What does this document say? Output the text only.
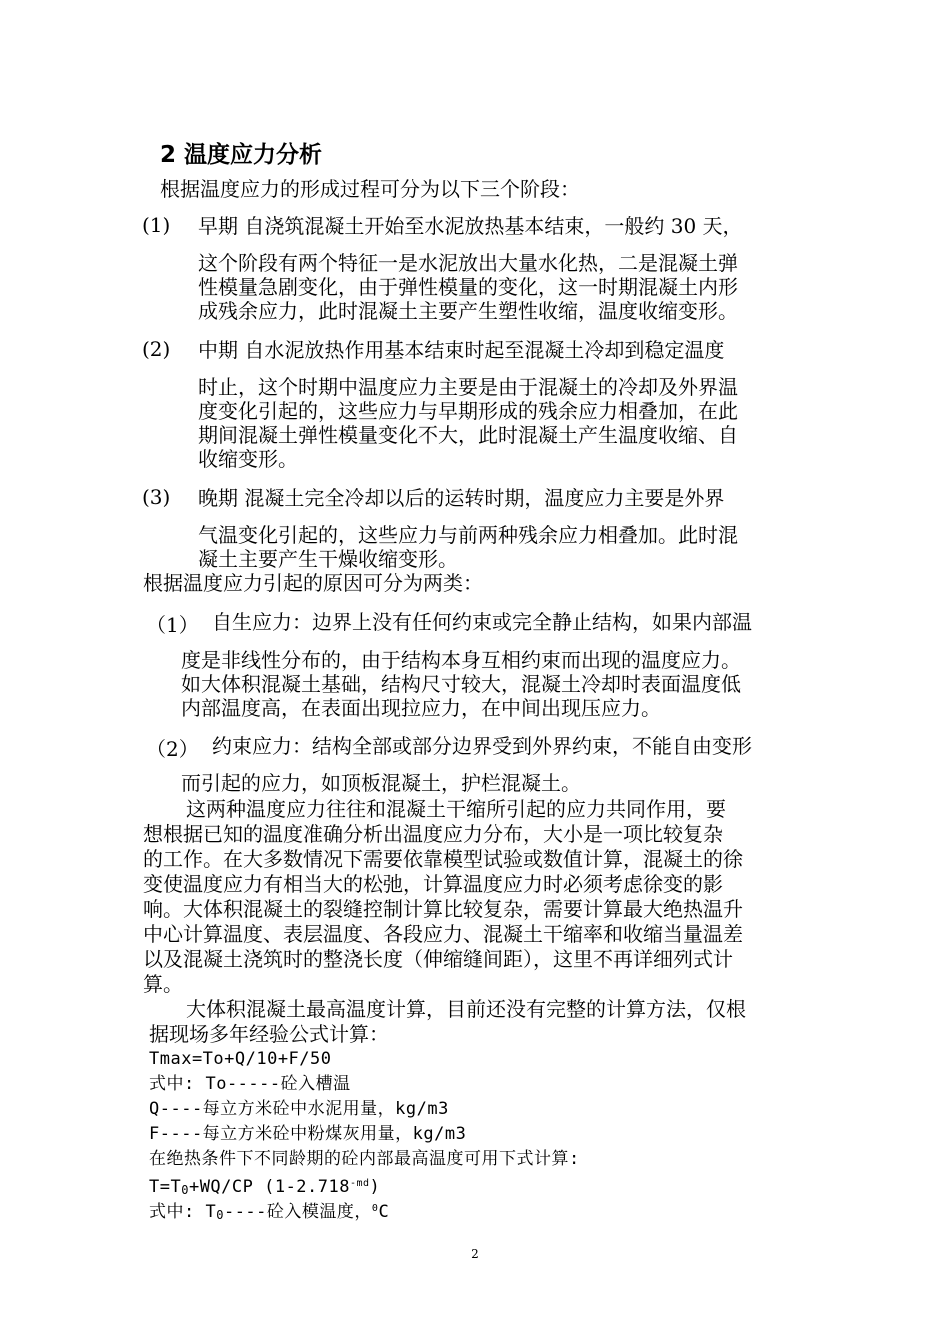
2 温度应力分析
根据温度应力的形成过程可分为以下三个阶段：
(1) 早期 自浇筑混凝土开始至水泥放热基本结束，一般约 30 天，
这个阶段有两个特征一是水泥放出大量水化热，二是混凝土弹
性模量急剧变化，由于弹性模量的变化，这一时期混凝土内形
成残余应力，此时混凝土主要产生塑性收缩，温度收缩变形。
(2) 中期 自水泥放热作用基本结束时起至混凝土冷却到稳定温度
时止，这个时期中温度应力主要是由于混凝土的冷却及外界温
度变化引起的，这些应力与早期形成的残余应力相叠加，在此
期间混凝土弹性模量变化不大，此时混凝土产生温度收缩、自
收缩变形。
(3) 晚期 混凝土完全冷却以后的运转时期，温度应力主要是外界
气温变化引起的，这些应力与前两种残余应力相叠加。此时混
凝土主要产生干燥收缩变形。
根据温度应力引起的原因可分为两类：
（1） 自生应力：边界上没有任何约束或完全静止结构，如果内部温
度是非线性分布的，由于结构本身互相约束而出现的温度应力。
如大体积混凝土基础，结构尺寸较大，混凝土冷却时表面温度低
内部温度高，在表面出现拉应力，在中间出现压应力。
（2） 约束应力：结构全部或部分边界受到外界约束，不能自由变形
而引起的应力，如顶板混凝土，护栏混凝土。
这两种温度应力往往和混凝土干缩所引起的应力共同作用，要
想根据已知的温度准确分析出温度应力分布，大小是一项比较复杂
的工作。在大多数情况下需要依靠模型试验或数值计算，混凝土的徐
变使温度应力有相当大的松弛，计算温度应力时必须考虑徐变的影
响。大体积混凝土的裂缝控制计算比较复杂，需要计算最大绝热温升
中心计算温度、表层温度、各段应力、混凝土干缩率和收缩当量温差
以及混凝土浇筑时的整浇长度（伸缩缝间距），这里不再详细列式计
算。
大体积混凝土最高温度计算，目前还没有完整的计算方法，仅根
据现场多年经验公式计算：
Tmax=To+Q/10+F/50
式中: To-----砼入槽温
Q----每立方米砼中水泥用量，kg/m3
F----每立方米砼中粉煤灰用量，kg/m3
在绝热条件下不同龄期的砼内部最高温度可用下式计算:
$T=T_0+WQ/CP$ $(1-2.718^{-md})$
式中: $T_0----$砼入模温度，$^0$C
2
